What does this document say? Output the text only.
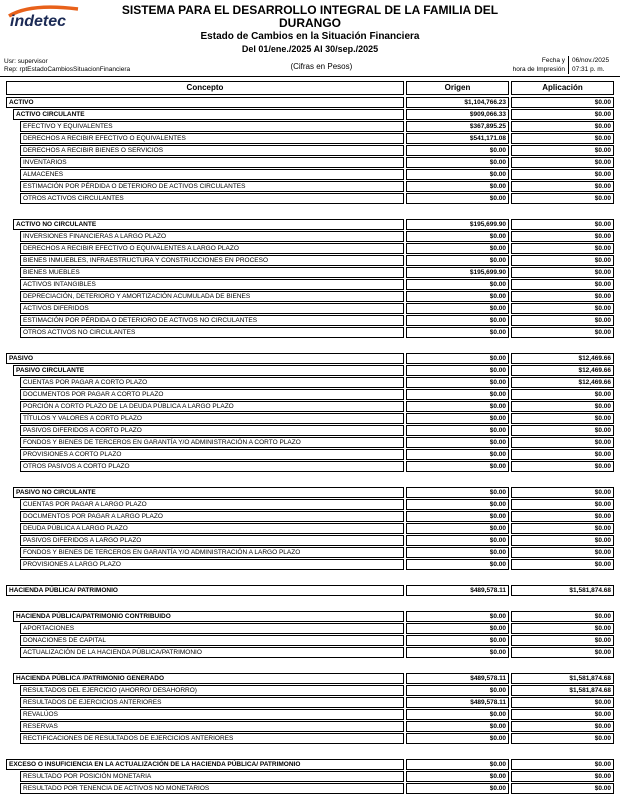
indetec
SISTEMA PARA EL DESARROLLO INTEGRAL DE LA FAMILIA DEL
DURANGO
Estado de Cambios en la Situación Financiera
Del 01/ene./2025 Al 30/sep./2025
Usr: supervisor
Rep: rptEstadoCambiosSituacionFinanciera	(Cifras en Pesos)
Fecha y
hora de Impresión
06/nov./2025
07:31 p. m.
Concepto	Origen	Aplicación
ACTIVO	$1,104,766.23	$0.00
ACTIVO CIRCULANTE	$909,066.33	$0.00
EFECTIVO Y EQUIVALENTES	$367,895.25	$0.00
DERECHOS A RECIBIR EFECTIVO O EQUIVALENTES	$541,171.08	$0.00
DERECHOS A RECIBIR BIENES O SERVICIOS	$0.00	$0.00
INVENTARIOS	$0.00	$0.00
ALMACENES	$0.00	$0.00
ESTIMACIÓN POR PÉRDIDA O DETERIORO DE ACTIVOS CIRCULANTES	$0.00	$0.00
OTROS ACTIVOS CIRCULANTES	$0.00	$0.00
ACTIVO NO CIRCULANTE	$195,699.90	$0.00
INVERSIONES FINANCIERAS A LARGO PLAZO	$0.00	$0.00
DERECHOS A RECIBIR EFECTIVO O EQUIVALENTES A LARGO PLAZO	$0.00	$0.00
BIENES INMUEBLES, INFRAESTRUCTURA Y CONSTRUCCIONES EN PROCESO	$0.00	$0.00
BIENES MUEBLES	$195,699.90	$0.00
ACTIVOS INTANGIBLES	$0.00	$0.00
DEPRECIACIÓN, DETERIORO Y AMORTIZACIÓN ACUMULADA DE BIENES	$0.00	$0.00
ACTIVOS DIFERIDOS	$0.00	$0.00
ESTIMACIÓN POR PÉRDIDA O DETERIORO DE ACTIVOS NO CIRCULANTES	$0.00	$0.00
OTROS ACTIVOS NO CIRCULANTES	$0.00	$0.00
PASIVO	$0.00	$12,469.66
PASIVO CIRCULANTE	$0.00	$12,469.66
CUENTAS POR PAGAR A CORTO PLAZO	$0.00	$12,469.66
DOCUMENTOS POR PAGAR A CORTO PLAZO	$0.00	$0.00
PORCIÓN A CORTO PLAZO DE LA DEUDA PÚBLICA A LARGO PLAZO	$0.00	$0.00
TÍTULOS Y VALORES A CORTO PLAZO	$0.00	$0.00
PASIVOS DIFERIDOS A CORTO PLAZO	$0.00	$0.00
FONDOS Y BIENES DE TERCEROS EN GARANTÍA Y/O ADMINISTRACIÓN A CORTO PLAZO	$0.00	$0.00
PROVISIONES A CORTO PLAZO	$0.00	$0.00
OTROS PASIVOS A CORTO PLAZO	$0.00	$0.00
PASIVO NO CIRCULANTE	$0.00	$0.00
CUENTAS POR PAGAR A LARGO PLAZO	$0.00	$0.00
DOCUMENTOS POR PAGAR A LARGO PLAZO	$0.00	$0.00
DEUDA PÚBLICA A LARGO PLAZO	$0.00	$0.00
PASIVOS DIFERIDOS A LARGO PLAZO	$0.00	$0.00
FONDOS Y BIENES DE TERCEROS EN GARANTÍA Y/O ADMINISTRACIÓN A LARGO PLAZO	$0.00	$0.00
PROVISIONES A LARGO PLAZO	$0.00	$0.00
HACIENDA PÚBLICA/ PATRIMONIO	$489,578.11	$1,581,874.68
HACIENDA PÚBLICA/PATRIMONIO CONTRIBUIDO	$0.00	$0.00
APORTACIONES	$0.00	$0.00
DONACIONES DE CAPITAL	$0.00	$0.00
ACTUALIZACIÓN DE LA HACIENDA PÚBLICA/PATRIMONIO	$0.00	$0.00
HACIENDA PÚBLICA /PATRIMONIO GENERADO	$489,578.11	$1,581,874.68
RESULTADOS DEL EJERCICIO (AHORRO/ DESAHORRO)	$0.00	$1,581,874.68
RESULTADOS DE EJERCICIOS ANTERIORES	$489,578.11	$0.00
REVALÚOS	$0.00	$0.00
RESERVAS	$0.00	$0.00
RECTIFICACIONES DE RESULTADOS DE EJERCICIOS ANTERIORES	$0.00	$0.00
EXCESO O INSUFICIENCIA EN LA ACTUALIZACIÓN DE LA HACIENDA PÚBLICA/ PATRIMONIO	$0.00	$0.00
RESULTADO POR POSICIÓN MONETARIA	$0.00	$0.00
RESULTADO POR TENENCIA DE ACTIVOS NO MONETARIOS	$0.00	$0.00
